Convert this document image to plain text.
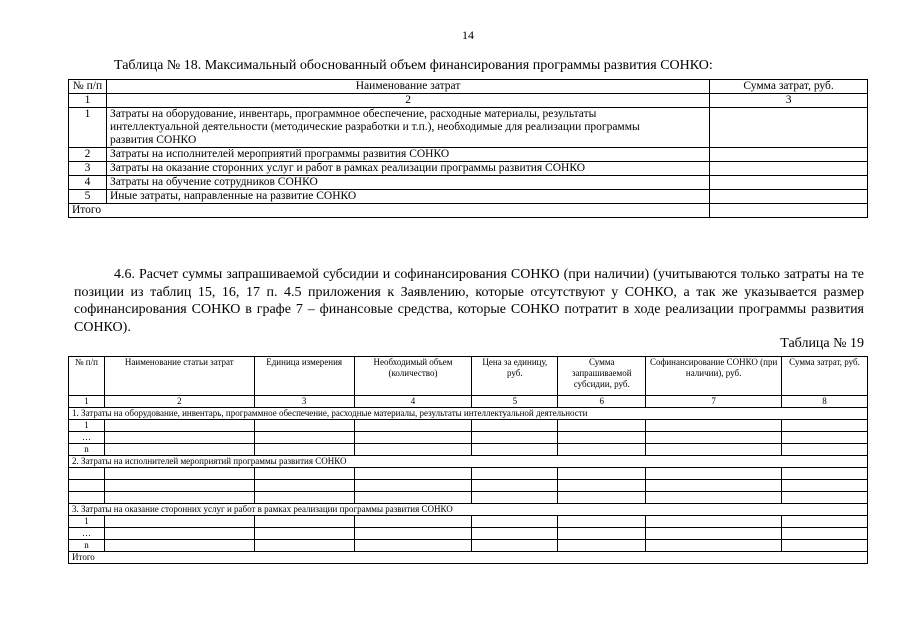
14
Таблица № 18. Максимальный обоснованный объем финансирования программы развития СОНКО:
№ п/п	Наименование затрат	Сумма затрат, руб.
1	2	3
1	Затраты на оборудование, инвентарь, программное обеспечение, расходные материалы, результаты интеллектуальной деятельности (методические разработки и т.п.), необходимые для реализации программы развития СОНКО	
2	Затраты на исполнителей мероприятий программы развития СОНКО	
3	Затраты на оказание сторонних услуг и работ в рамках реализации программы развития СОНКО	
4	Затраты на обучение сотрудников СОНКО	
5	Иные затраты, направленные на развитие СОНКО	
Итого		
4.6. Расчет суммы запрашиваемой субсидии и софинансирования СОНКО (при наличии) (учитываются только затраты на те позиции из таблиц 15, 16, 17 п. 4.5 приложения к Заявлению, которые отсутствуют у СОНКО, а так же указывается размер софинансирования СОНКО в графе 7 – финансовые средства, которые СОНКО потратит в ходе реализации программы развития СОНКО).
Таблица № 19
№ п/п	Наименование статьи затрат	Единица измерения	Необходимый объем (количество)	Цена за единицу, руб.	Сумма запрашиваемой субсидии, руб.	Софинансирование СОНКО (при наличии), руб.	Сумма затрат, руб.
1	2	3	4	5	6	7	8
1. Затраты на оборудование, инвентарь, программное обеспечение, расходные материалы, результаты интеллектуальной деятельности							
1							
…							
n							
2. Затраты на исполнителей мероприятий программы развития СОНКО							

3. Затраты на оказание сторонних услуг и работ в рамках реализации программы развития СОНКО							
1							
…							
n							
Итого							
